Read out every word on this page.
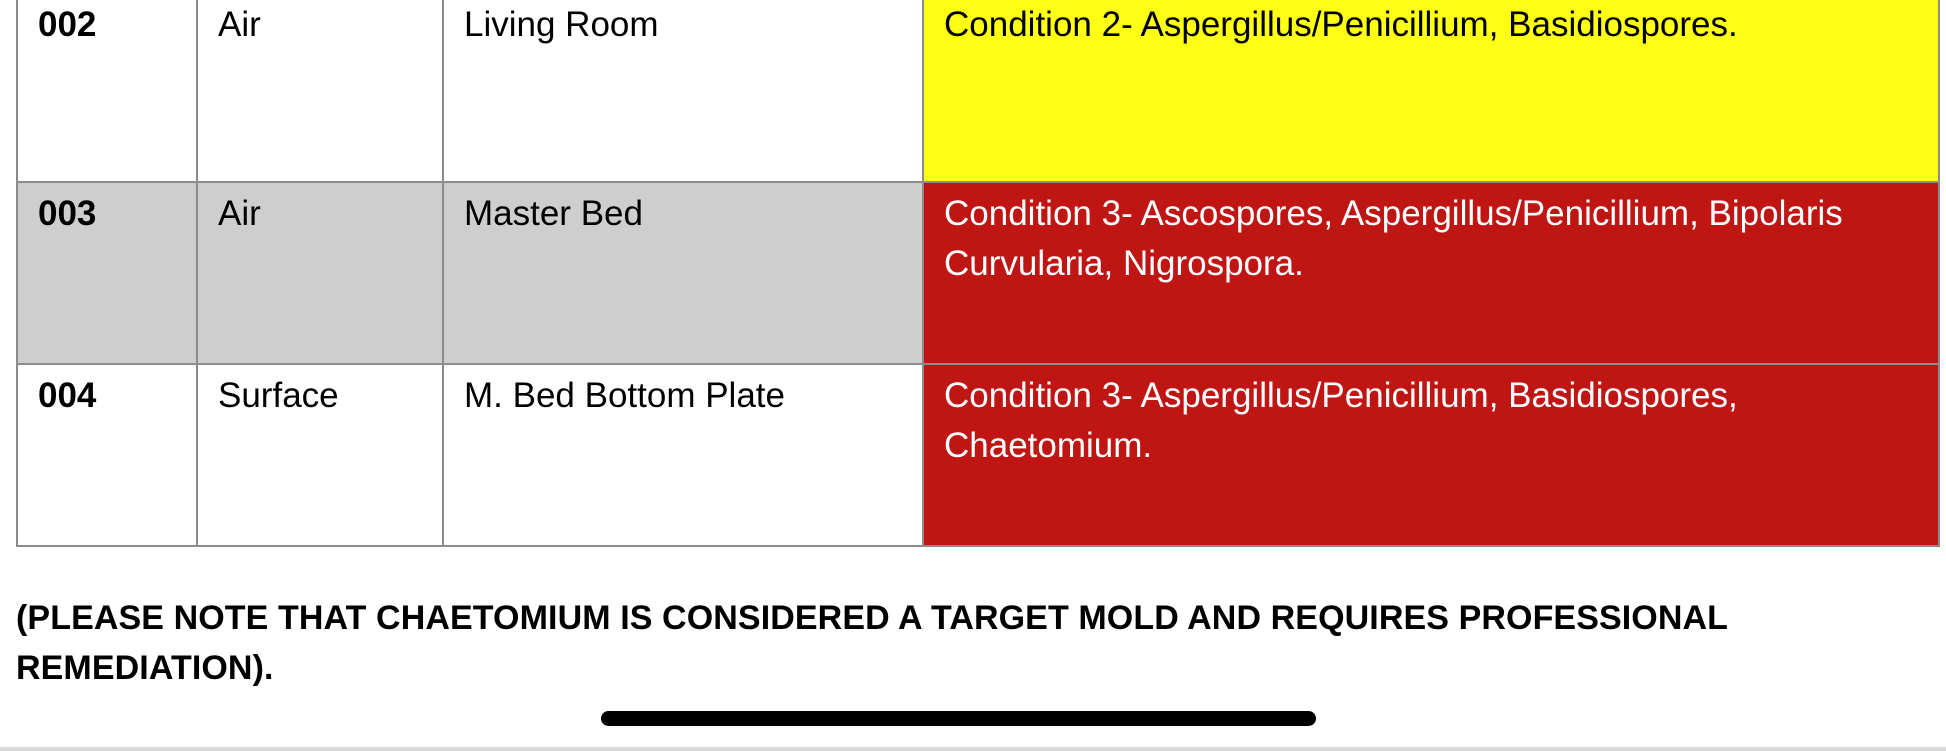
002	Air	Living Room	Condition 2- Aspergillus/Penicillium, Basidiospores.
003	Air	Master Bed	Condition 3- Ascospores, Aspergillus/Penicillium, Bipolaris Curvularia, Nigrospora.
004	Surface	M. Bed Bottom Plate	Condition 3- Aspergillus/Penicillium, Basidiospores, Chaetomium.

(PLEASE NOTE THAT CHAETOMIUM IS CONSIDERED A TARGET MOLD AND REQUIRES PROFESSIONAL REMEDIATION).
